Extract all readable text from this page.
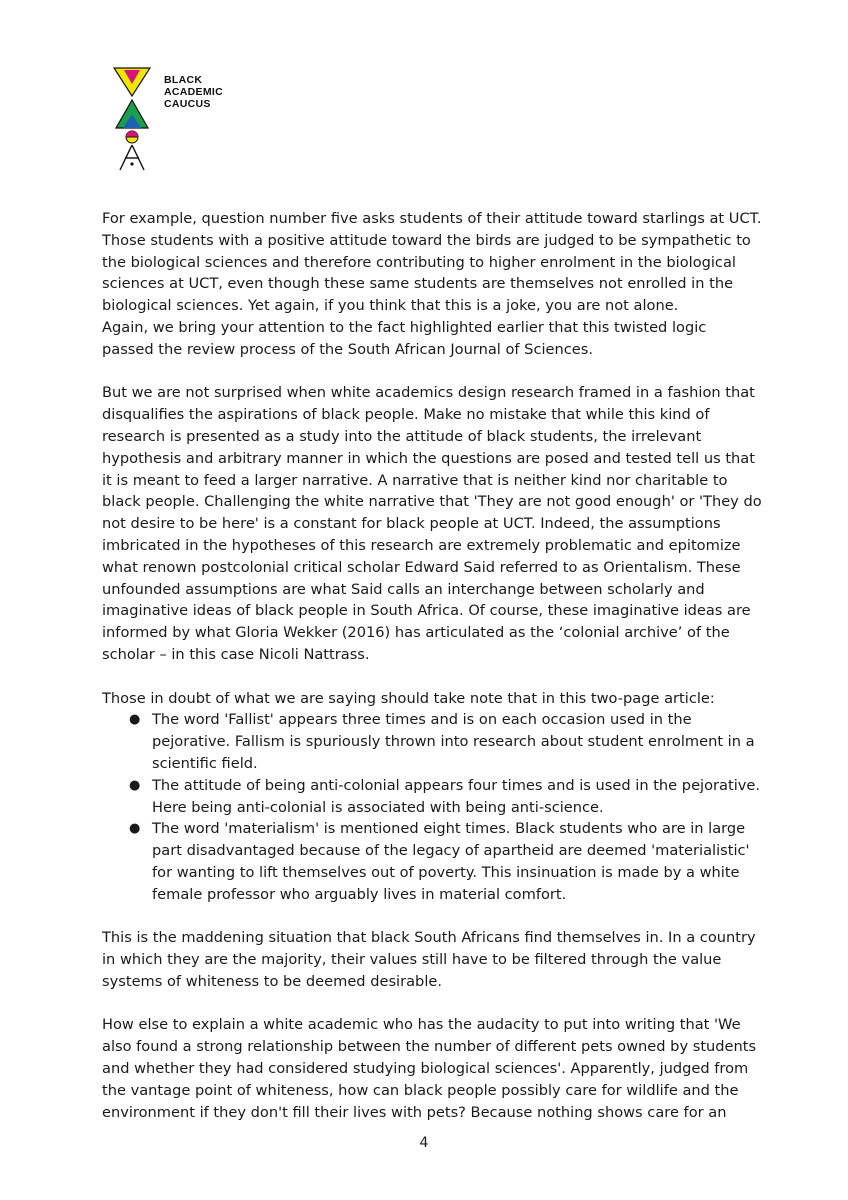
BLACK
ACADEMIC
CAUCUS

For example, question number five asks students of their attitude toward starlings at UCT. Those students with a positive attitude toward the birds are judged to be sympathetic to the biological sciences and therefore contributing to higher enrolment in the biological sciences at UCT, even though these same students are themselves not enrolled in the biological sciences. Yet again, if you think that this is a joke, you are not alone.

Again, we bring your attention to the fact highlighted earlier that this twisted logic passed the review process of the South African Journal of Sciences.

But we are not surprised when white academics design research framed in a fashion that disqualifies the aspirations of black people. Make no mistake that while this kind of research is presented as a study into the attitude of black students, the irrelevant hypothesis and arbitrary manner in which the questions are posed and tested tell us that it is meant to feed a larger narrative. A narrative that is neither kind nor charitable to black people. Challenging the white narrative that 'They are not good enough' or 'They do not desire to be here' is a constant for black people at UCT. Indeed, the assumptions imbricated in the hypotheses of this research are extremely problematic and epitomize what renown postcolonial critical scholar Edward Said referred to as Orientalism. These unfounded assumptions are what Said calls an interchange between scholarly and imaginative ideas of black people in South Africa. Of course, these imaginative ideas are informed by what Gloria Wekker (2016) has articulated as the ‘colonial archive’ of the scholar – in this case Nicoli Nattrass.

Those in doubt of what we are saying should take note that in this two-page article:

● The word 'Fallist' appears three times and is on each occasion used in the pejorative. Fallism is spuriously thrown into research about student enrolment in a scientific field.
● The attitude of being anti-colonial appears four times and is used in the pejorative. Here being anti-colonial is associated with being anti-science.
● The word 'materialism' is mentioned eight times. Black students who are in large part disadvantaged because of the legacy of apartheid are deemed 'materialistic' for wanting to lift themselves out of poverty. This insinuation is made by a white female professor who arguably lives in material comfort.

This is the maddening situation that black South Africans find themselves in. In a country in which they are the majority, their values still have to be filtered through the value systems of whiteness to be deemed desirable.

How else to explain a white academic who has the audacity to put into writing that 'We also found a strong relationship between the number of different pets owned by students and whether they had considered studying biological sciences'. Apparently, judged from the vantage point of whiteness, how can black people possibly care for wildlife and the environment if they don't fill their lives with pets? Because nothing shows care for an

4
